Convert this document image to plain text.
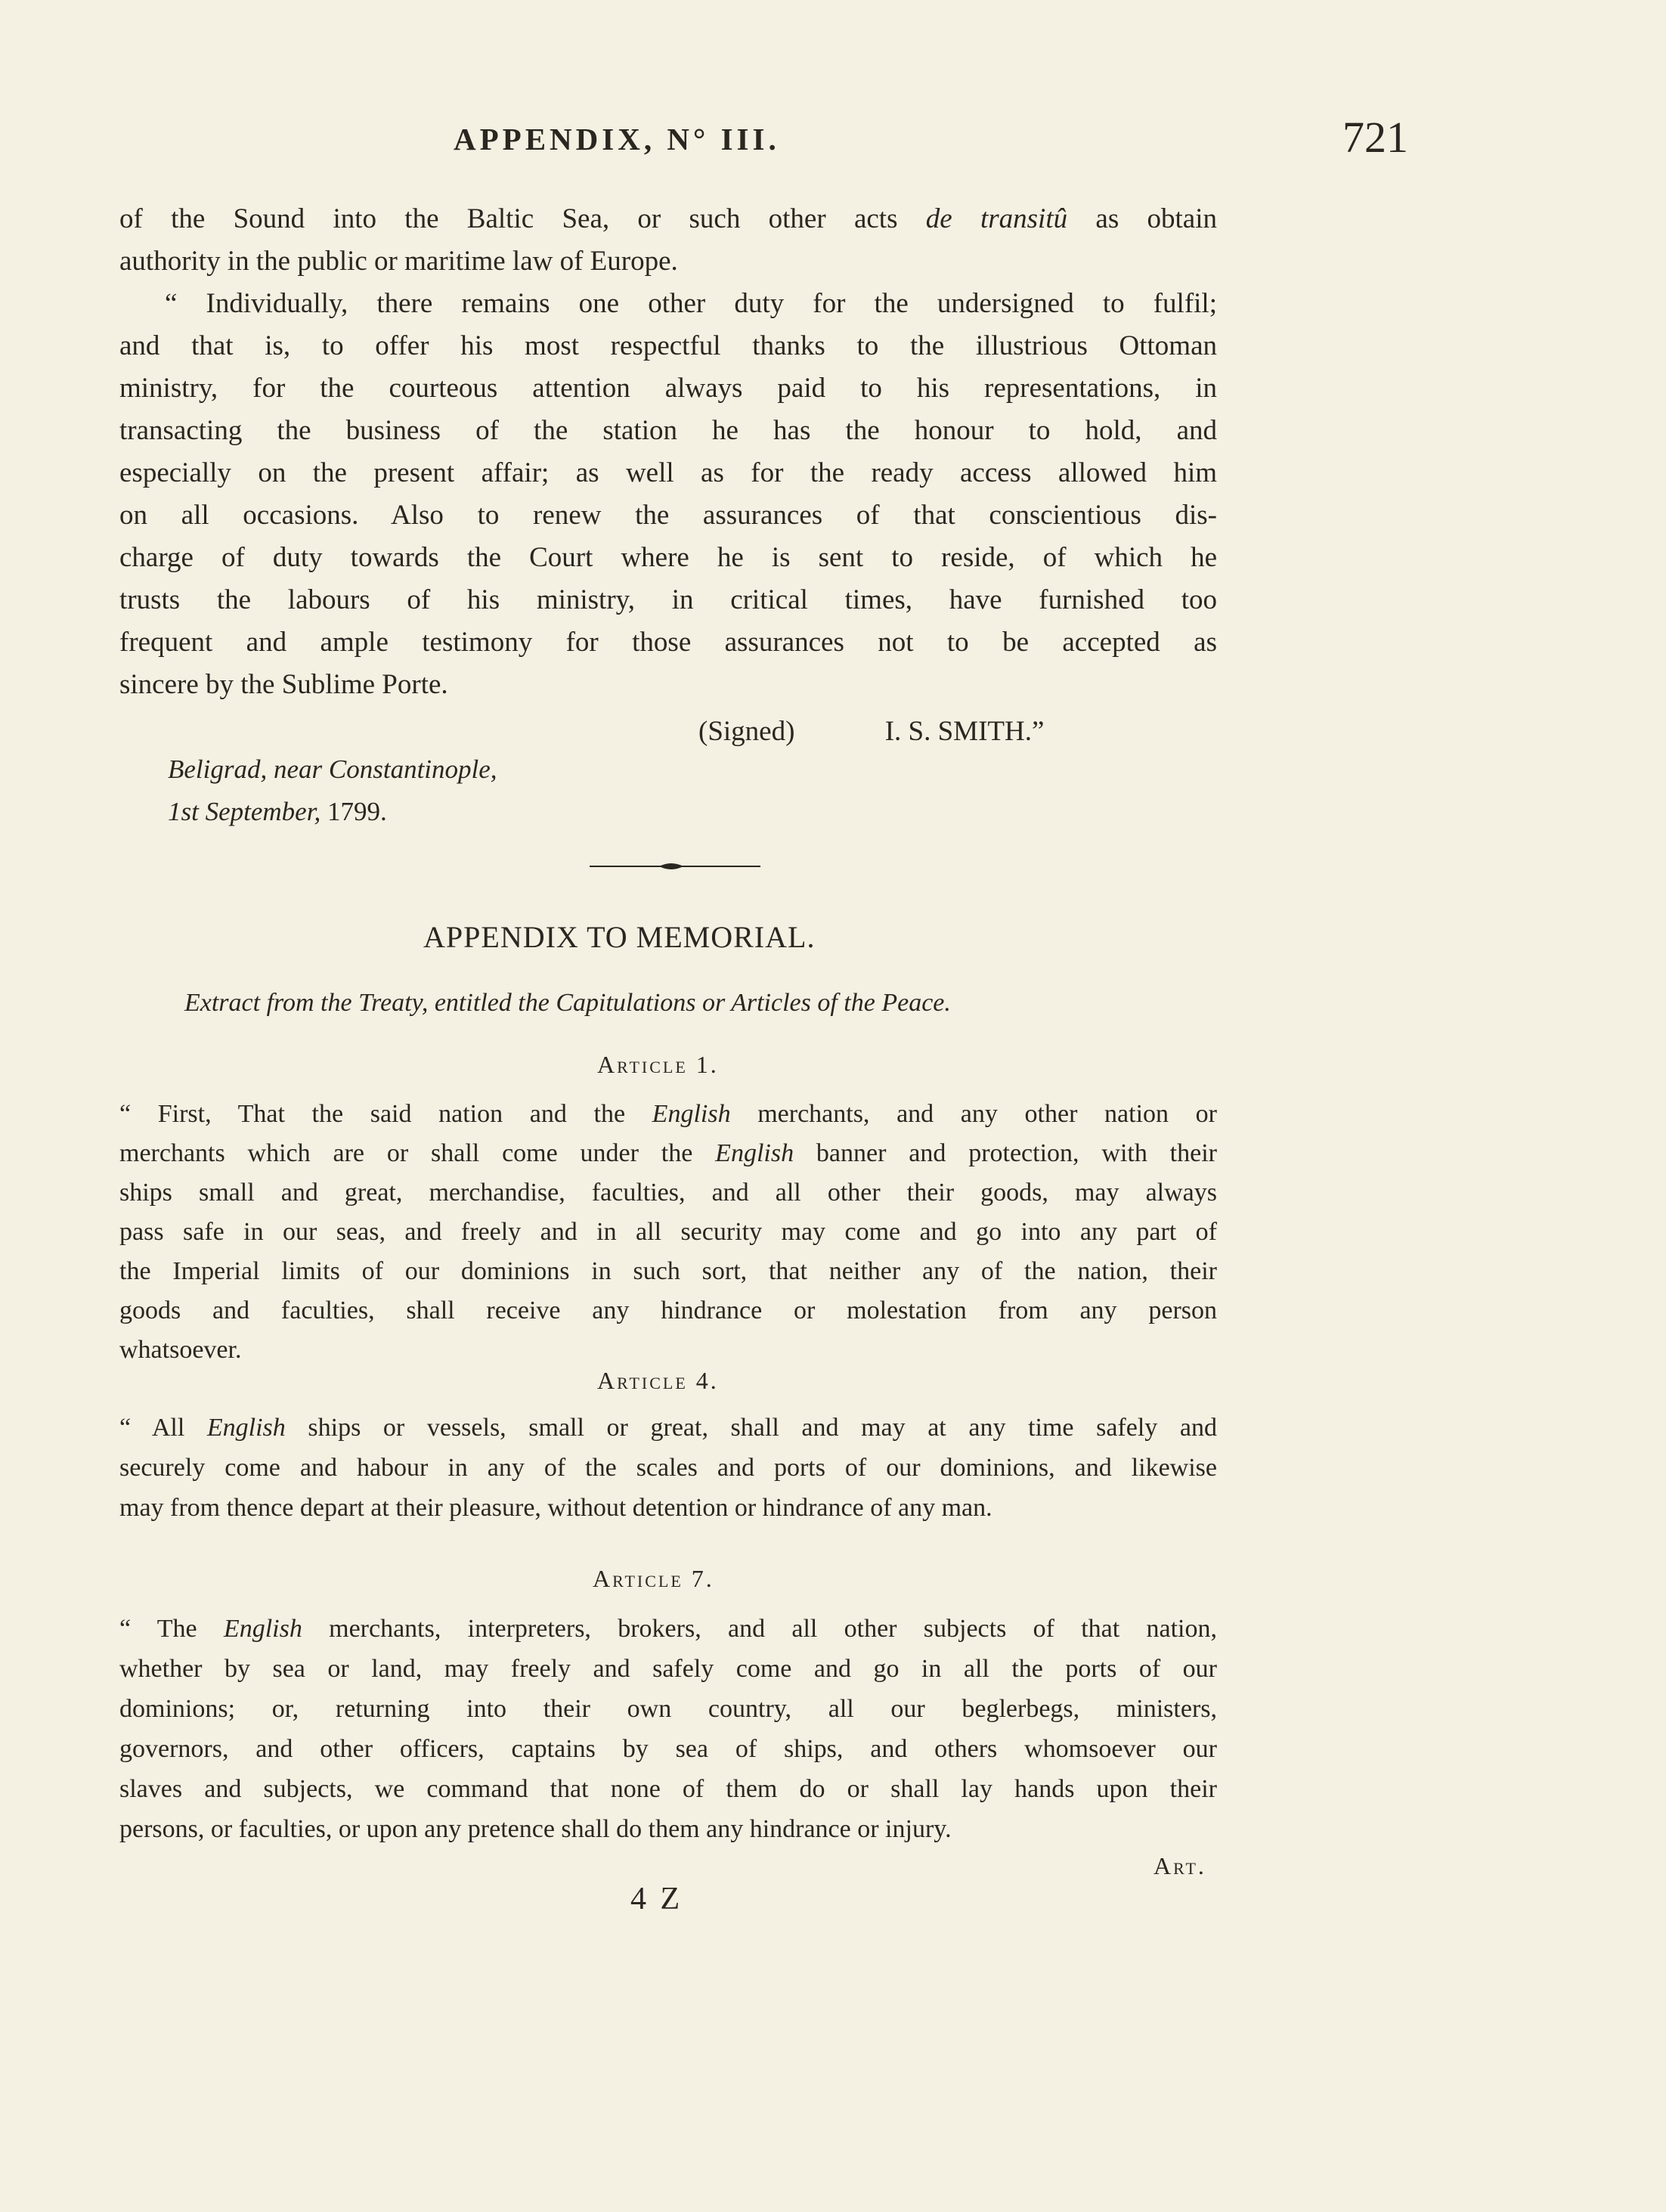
APPENDIX, N° III.	721
of the Sound into the Baltic Sea, or such other acts de transitû as obtain
authority in the public or maritime law of Europe.
“ Individually, there remains one other duty for the undersigned to fulfil;
and that is, to offer his most respectful thanks to the illustrious Ottoman
ministry, for the courteous attention always paid to his representations, in
transacting the business of the station he has the honour to hold, and
especially on the present affair; as well as for the ready access allowed him
on all occasions. Also to renew the assurances of that conscientious dis-
charge of duty towards the Court where he is sent to reside, of which he
trusts the labours of his ministry, in critical times, have furnished too
frequent and ample testimony for those assurances not to be accepted as
sincere by the Sublime Porte.
(Signed)	I. S. SMITH.”
Beligrad, near Constantinople,
1st September, 1799.
APPENDIX TO MEMORIAL.
Extract from the Treaty, entitled the Capitulations or Articles of the Peace.
Article 1.
“ First, That the said nation and the English merchants, and any other nation or
merchants which are or shall come under the English banner and protection, with their
ships small and great, merchandise, faculties, and all other their goods, may always
pass safe in our seas, and freely and in all security may come and go into any part of
the Imperial limits of our dominions in such sort, that neither any of the nation, their
goods and faculties, shall receive any hindrance or molestation from any person
whatsoever.
Article 4.
“ All English ships or vessels, small or great, shall and may at any time safely and
securely come and habour in any of the scales and ports of our dominions, and likewise
may from thence depart at their pleasure, without detention or hindrance of any man.
Article 7.
“ The English merchants, interpreters, brokers, and all other subjects of that nation,
whether by sea or land, may freely and safely come and go in all the ports of our
dominions; or, returning into their own country, all our beglerbegs, ministers,
governors, and other officers, captains by sea of ships, and others whomsoever our
slaves and subjects, we command that none of them do or shall lay hands upon their
persons, or faculties, or upon any pretence shall do them any hindrance or injury.
Art.
4 Z
